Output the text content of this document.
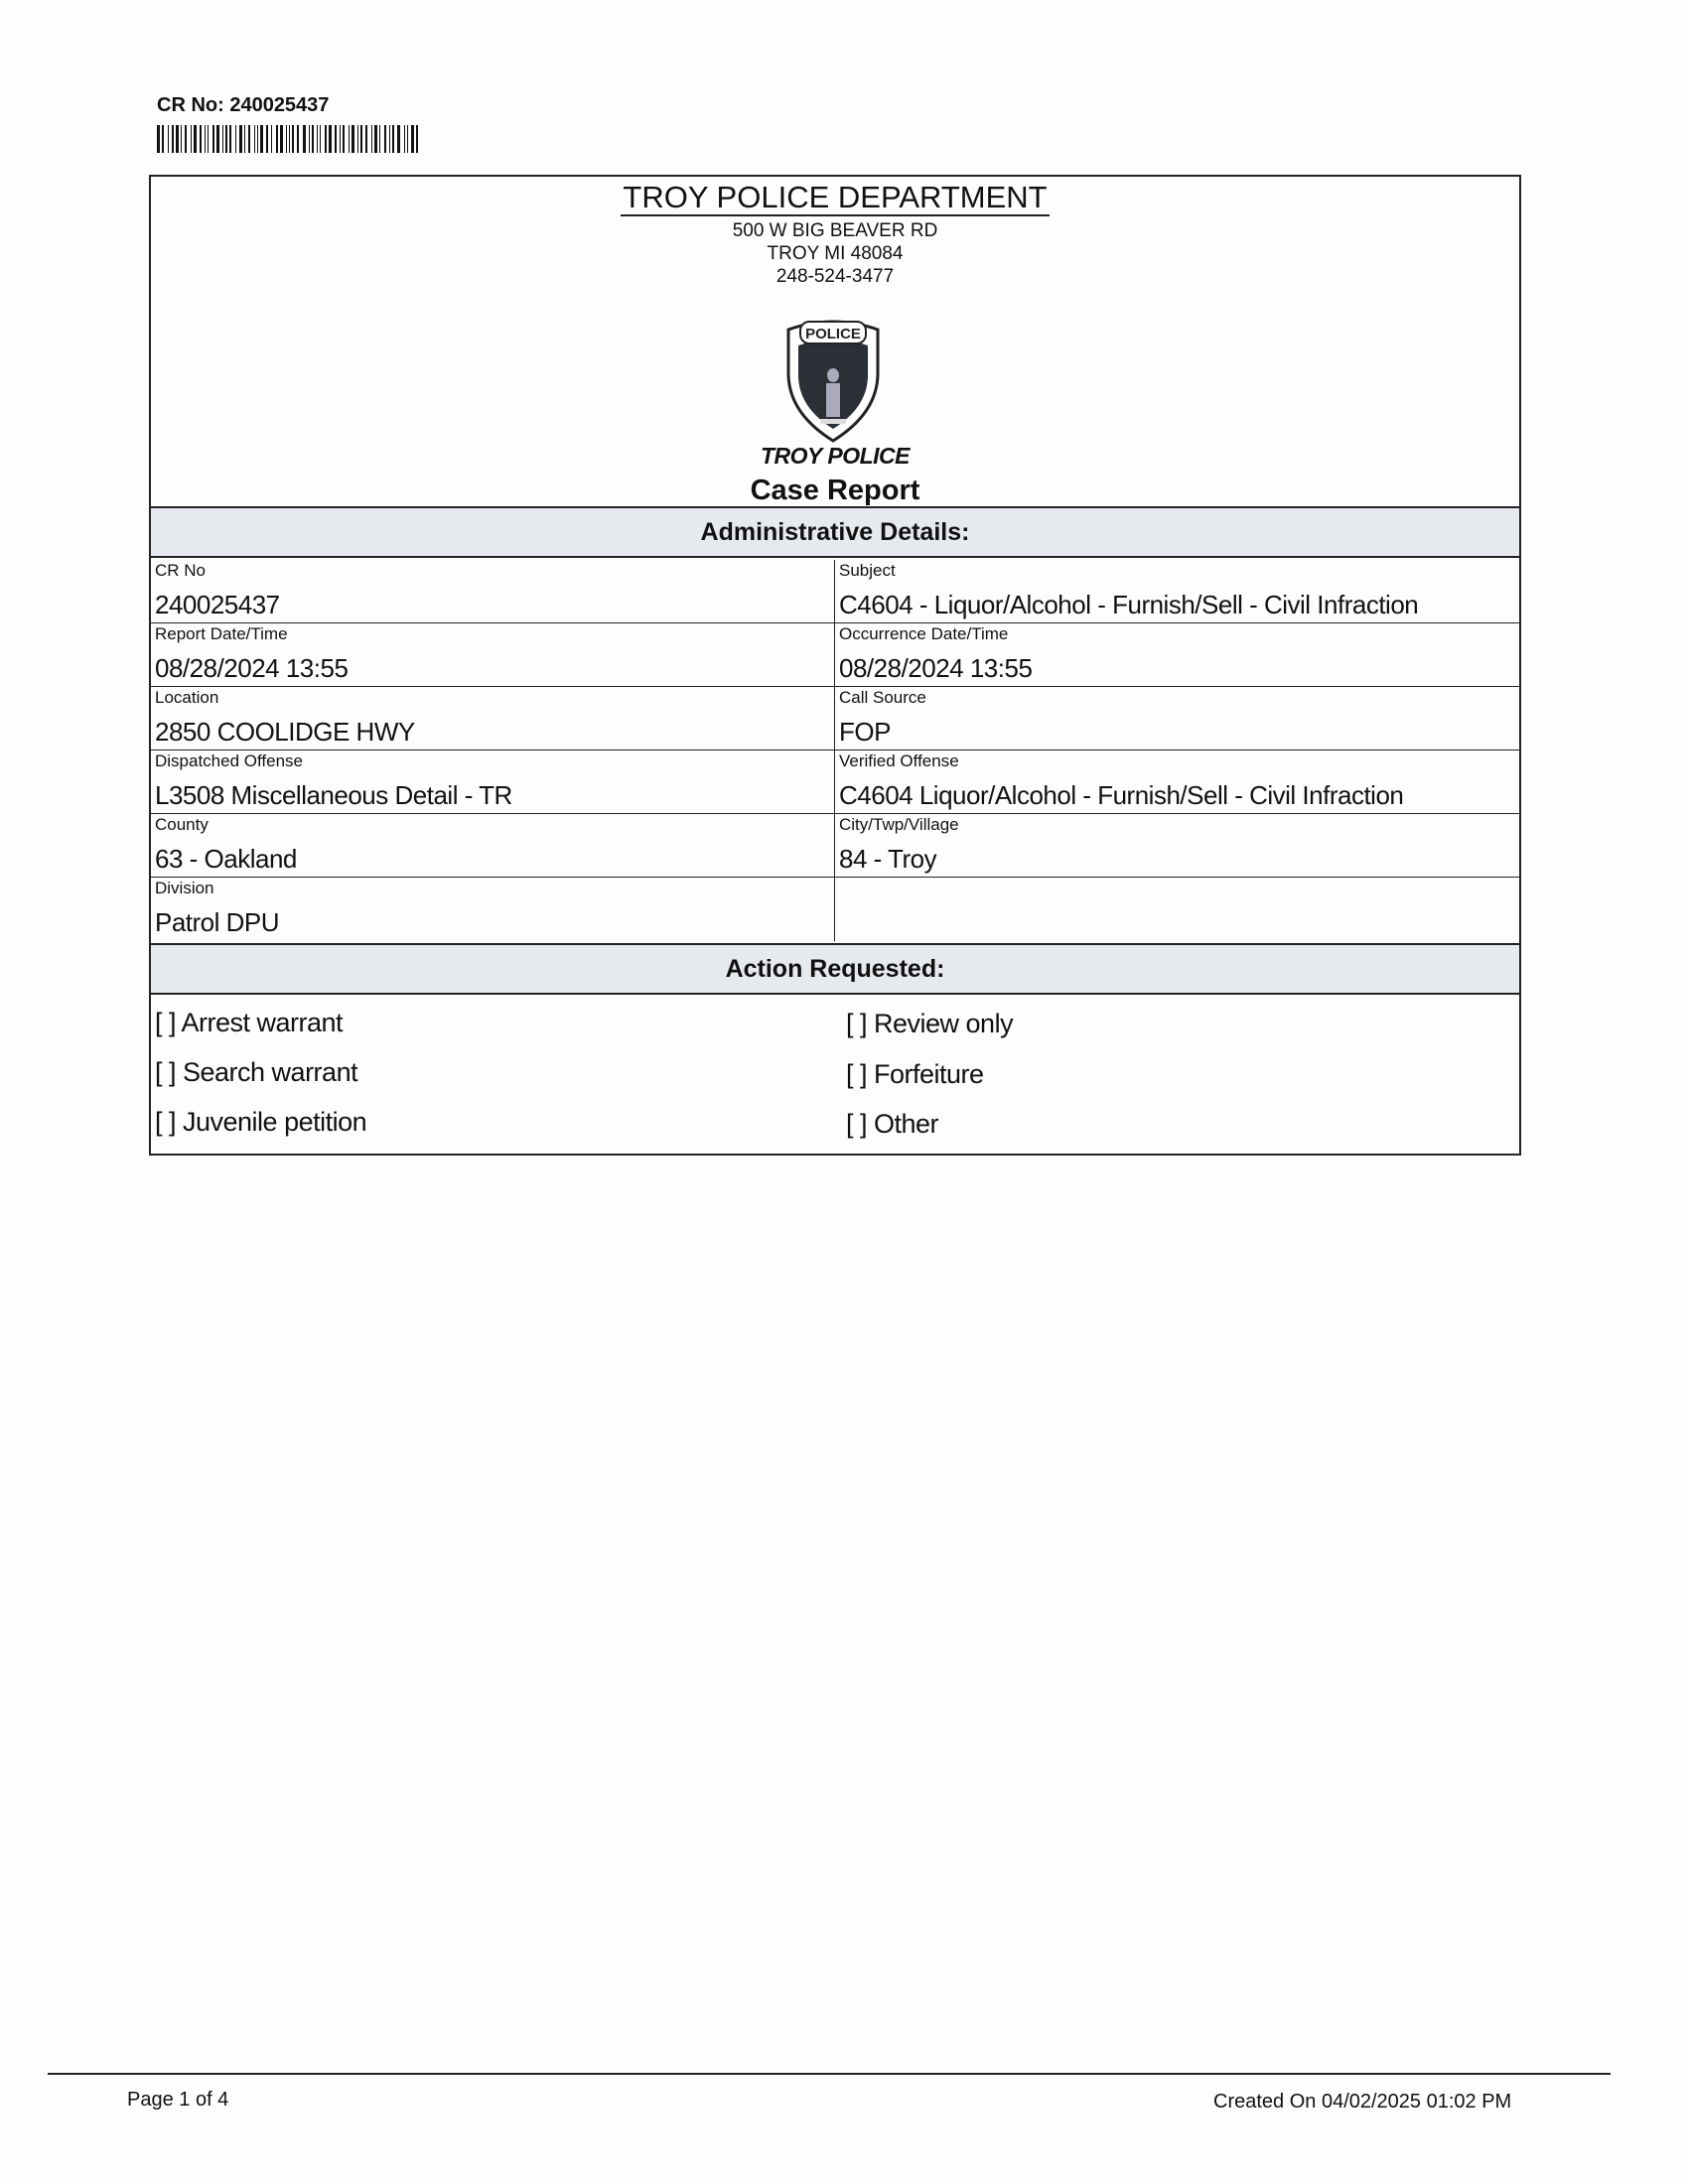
CR No: 240025437
TROY POLICE DEPARTMENT
500 W BIG BEAVER RD
TROY MI 48084
248-524-3477
POLICE
TROY POLICE
Case Report
Administrative Details:
CR No
240025437
Subject
C4604 - Liquor/Alcohol - Furnish/Sell - Civil Infraction
Report Date/Time
08/28/2024 13:55
Occurrence Date/Time
08/28/2024 13:55
Location
2850 COOLIDGE HWY
Call Source
FOP
Dispatched Offense
L3508 Miscellaneous Detail - TR
Verified Offense
C4604 Liquor/Alcohol - Furnish/Sell - Civil Infraction
County
63 - Oakland
City/Twp/Village
84 - Troy
Division
Patrol DPU
Action Requested:
[ ] Arrest warrant	[ ] Review only
[ ] Search warrant	[ ] Forfeiture
[ ] Juvenile petition	[ ] Other
Page 1 of 4	Created On 04/02/2025 01:02 PM
